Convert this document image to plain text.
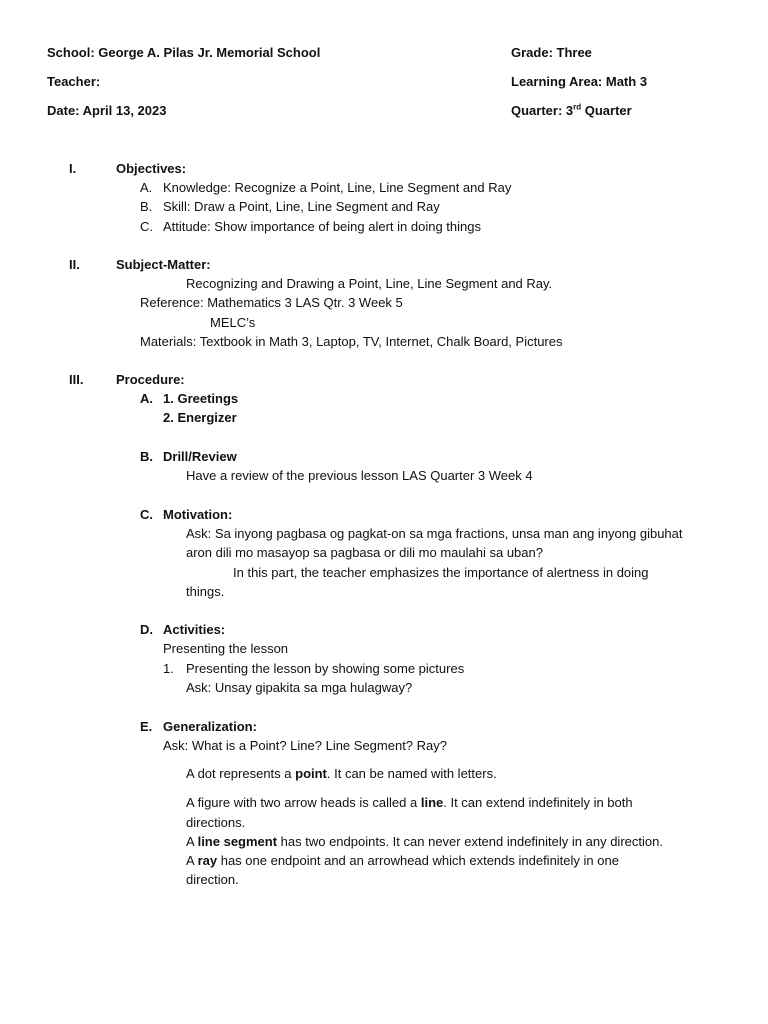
School: George A. Pilas Jr. Memorial School
Teacher:
Date: April 13, 2023
Grade: Three
Learning Area: Math 3
Quarter: 3rd Quarter
I.	Objectives:
A. Knowledge: Recognize a Point, Line, Line Segment and Ray
B. Skill: Draw a Point, Line, Line Segment and Ray
C. Attitude: Show importance of being alert in doing things
II.	Subject-Matter:
Recognizing and Drawing a Point, Line, Line Segment and Ray.
Reference: Mathematics 3 LAS Qtr. 3 Week 5
MELC’s
Materials: Textbook in Math 3, Laptop, TV, Internet, Chalk Board, Pictures
III.	Procedure:
A. 1. Greetings
2. Energizer
B. Drill/Review
Have a review of the previous lesson LAS Quarter 3 Week 4
C. Motivation:
Ask: Sa inyong pagbasa og pagkat-on sa mga fractions, unsa man ang inyong gibuhat
aron dili mo masayop sa pagbasa or dili mo maulahi sa uban?
In this part, the teacher emphasizes the importance of alertness in doing
things.
D. Activities:
Presenting the lesson
1. Presenting the lesson by showing some pictures
Ask: Unsay gipakita sa mga hulagway?
E. Generalization:
Ask: What is a Point? Line? Line Segment? Ray?
A dot represents a point. It can be named with letters.
A figure with two arrow heads is called a line. It can extend indefinitely in both
directions.
A line segment has two endpoints. It can never extend indefinitely in any direction.
A ray has one endpoint and an arrowhead which extends indefinitely in one
direction.
